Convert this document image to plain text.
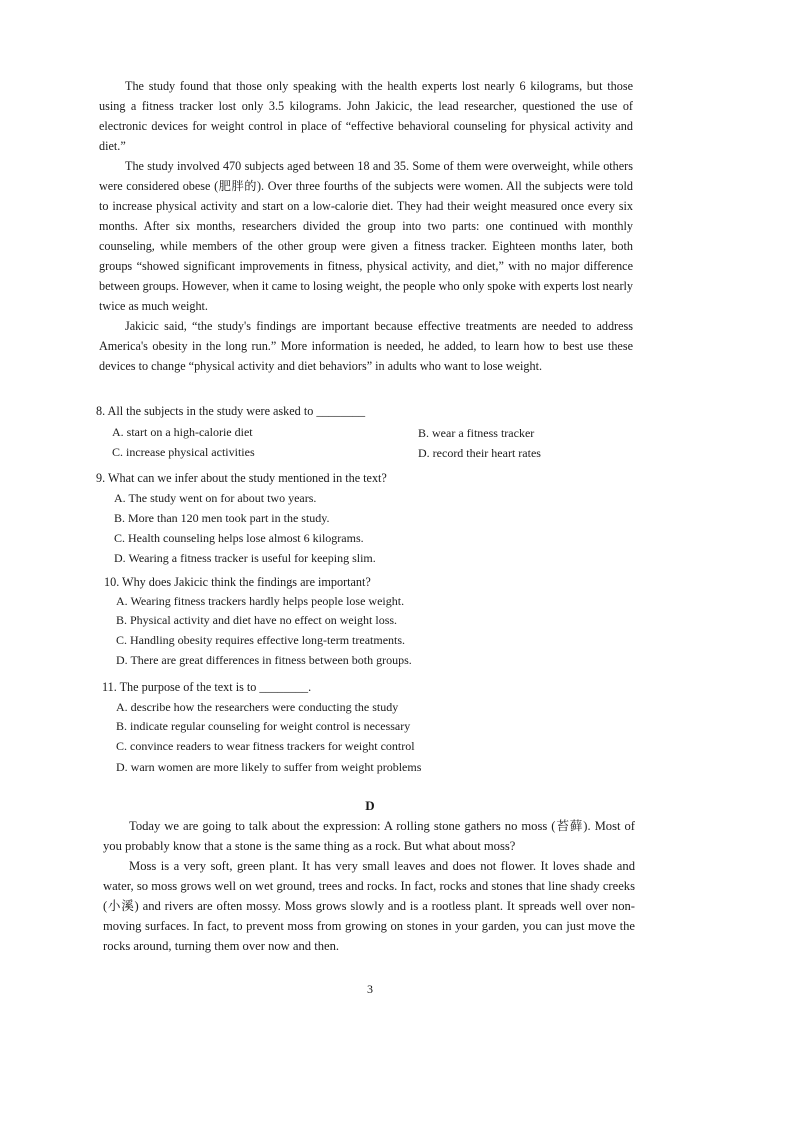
The study found that those only speaking with the health experts lost nearly 6 kilograms, but those using a fitness tracker lost only 3.5 kilograms. John Jakicic, the lead researcher, questioned the use of electronic devices for weight control in place of “effective behavioral counseling for physical activity and diet.”

The study involved 470 subjects aged between 18 and 35. Some of them were overweight, while others were considered obese (肥胖的). Over three fourths of the subjects were women. All the subjects were told to increase physical activity and start on a low-calorie diet. They had their weight measured once every six months. After six months, researchers divided the group into two parts: one continued with monthly counseling, while members of the other group were given a fitness tracker. Eighteen months later, both groups “showed significant improvements in fitness, physical activity, and diet,” with no major difference between groups. However, when it came to losing weight, the people who only spoke with experts lost nearly twice as much weight.

Jakicic said, “the study's findings are important because effective treatments are needed to address America's obesity in the long run.” More information is needed, he added, to learn how to best use these devices to change “physical activity and diet behaviors” in adults who want to lose weight.

8. All the subjects in the study were asked to ________
A. start on a high-calorie diet	B. wear a fitness tracker
C. increase physical activities	D. record their heart rates
9. What can we infer about the study mentioned in the text?
A. The study went on for about two years.
B. More than 120 men took part in the study.
C. Health counseling helps lose almost 6 kilograms.
D. Wearing a fitness tracker is useful for keeping slim.
10. Why does Jakicic think the findings are important?
A. Wearing fitness trackers hardly helps people lose weight.
B. Physical activity and diet have no effect on weight loss.
C. Handling obesity requires effective long-term treatments.
D. There are great differences in fitness between both groups.
11. The purpose of the text is to ________.
A. describe how the researchers were conducting the study
B. indicate regular counseling for weight control is necessary
C. convince readers to wear fitness trackers for weight control
D. warn women are more likely to suffer from weight problems
D

Today we are going to talk about the expression: A rolling stone gathers no moss (苔藓). Most of you probably know that a stone is the same thing as a rock. But what about moss?

Moss is a very soft, green plant. It has very small leaves and does not flower. It loves shade and water, so moss grows well on wet ground, trees and rocks. In fact, rocks and stones that line shady creeks (小溪) and rivers are often mossy. Moss grows slowly and is a rootless plant. It spreads well over non-moving surfaces. In fact, to prevent moss from growing on stones in your garden, you can just move the rocks around, turning them over now and then.

3
